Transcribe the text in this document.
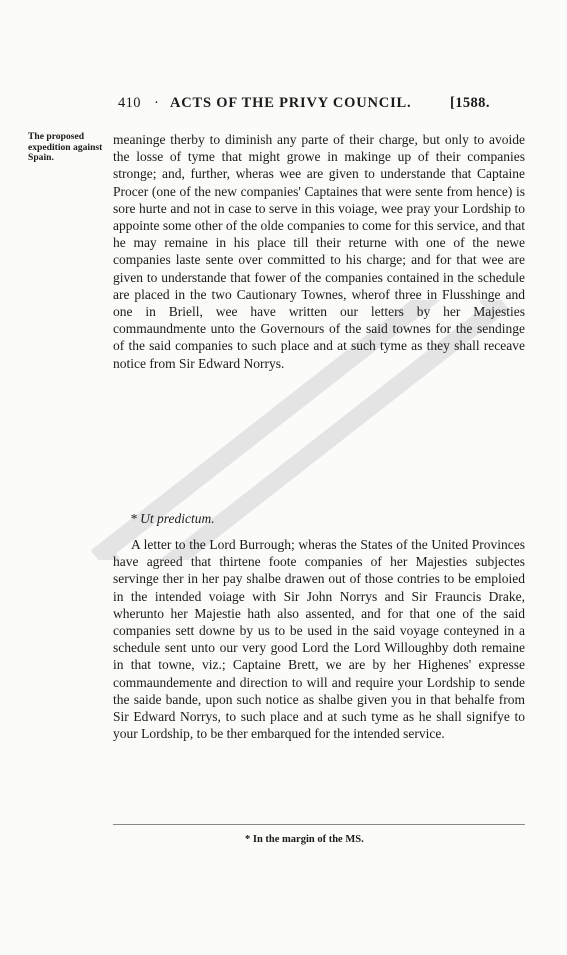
410 · ACTS OF THE PRIVY COUNCIL.	[1588.
The proposed expedition against Spain.

meaninge therby to diminish any parte of their charge, but only to avoide the losse of tyme that might growe in makinge up of their companies stronge; and, further, wheras wee are given to understande that Captaine Procer (one of the new companies' Captaines that were sente from hence) is sore hurte and not in case to serve in this voiage, wee pray your Lordship to appointe some other of the olde companies to come for this service, and that he may remaine in his place till their returne with one of the newe companies laste sente over committed to his charge; and for that wee are given to understande that fower of the companies contained in the schedule are placed in the two Cautionary Townes, wherof three in Flusshinge and one in Briell, wee have written our letters by her Majesties commaundmente unto the Governours of the said townes for the sendinge of the said companies to such place and at such tyme as they shall receave notice from Sir Edward Norrys.

* Ut predictum.

A letter to the Lord Burrough; wheras the States of the United Provinces have agreed that thirtene foote companies of her Majesties subjectes servinge ther in her pay shalbe drawen out of those contries to be emploied in the intended voiage with Sir John Norrys and Sir Frauncis Drake, wherunto her Majestie hath also assented, and for that one of the said companies sett downe by us to be used in the said voyage conteyned in a schedule sent unto our very good Lord the Lord Willoughby doth remaine in that towne, viz.; Captaine Brett, we are by her Highenes' expresse commaundemente and direction to will and require your Lordship to sende the saide bande, upon such notice as shalbe given you in that behalfe from Sir Edward Norrys, to such place and at such tyme as he shall signifye to your Lordship, to be ther embarqued for the intended service.

* In the margin of the MS.
